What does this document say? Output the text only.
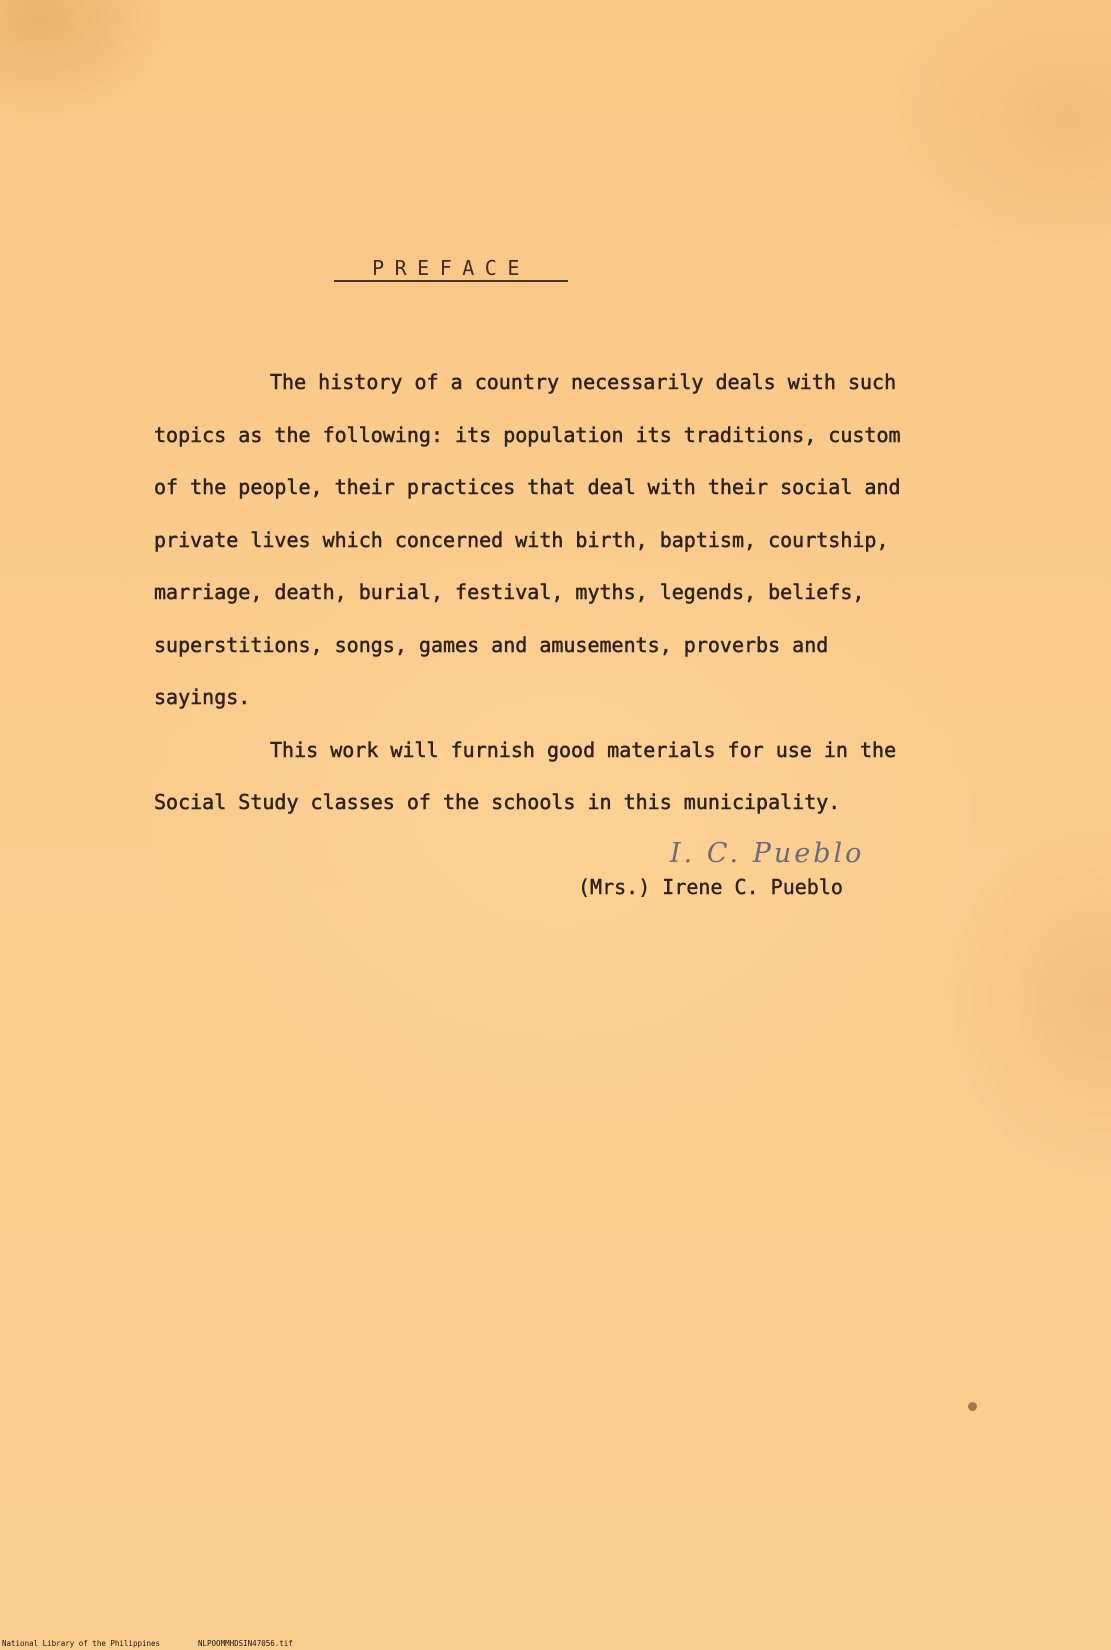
PREFACE
The history of a country necessarily deals with such
topics as the following: its population its traditions, custom
of the people, their practices that deal with their social and
private lives which concerned with birth, baptism, courtship,
marriage, death, burial, festival, myths, legends, beliefs,
superstitions, songs, games and amusements, proverbs and
sayings.
This work will furnish good materials for use in the
Social Study classes of the schools in this municipality.
I. C. Pueblo
(Mrs.) Irene C. Pueblo
National Library of the Philippines	NLPOOMMHDSIN47056.tif
